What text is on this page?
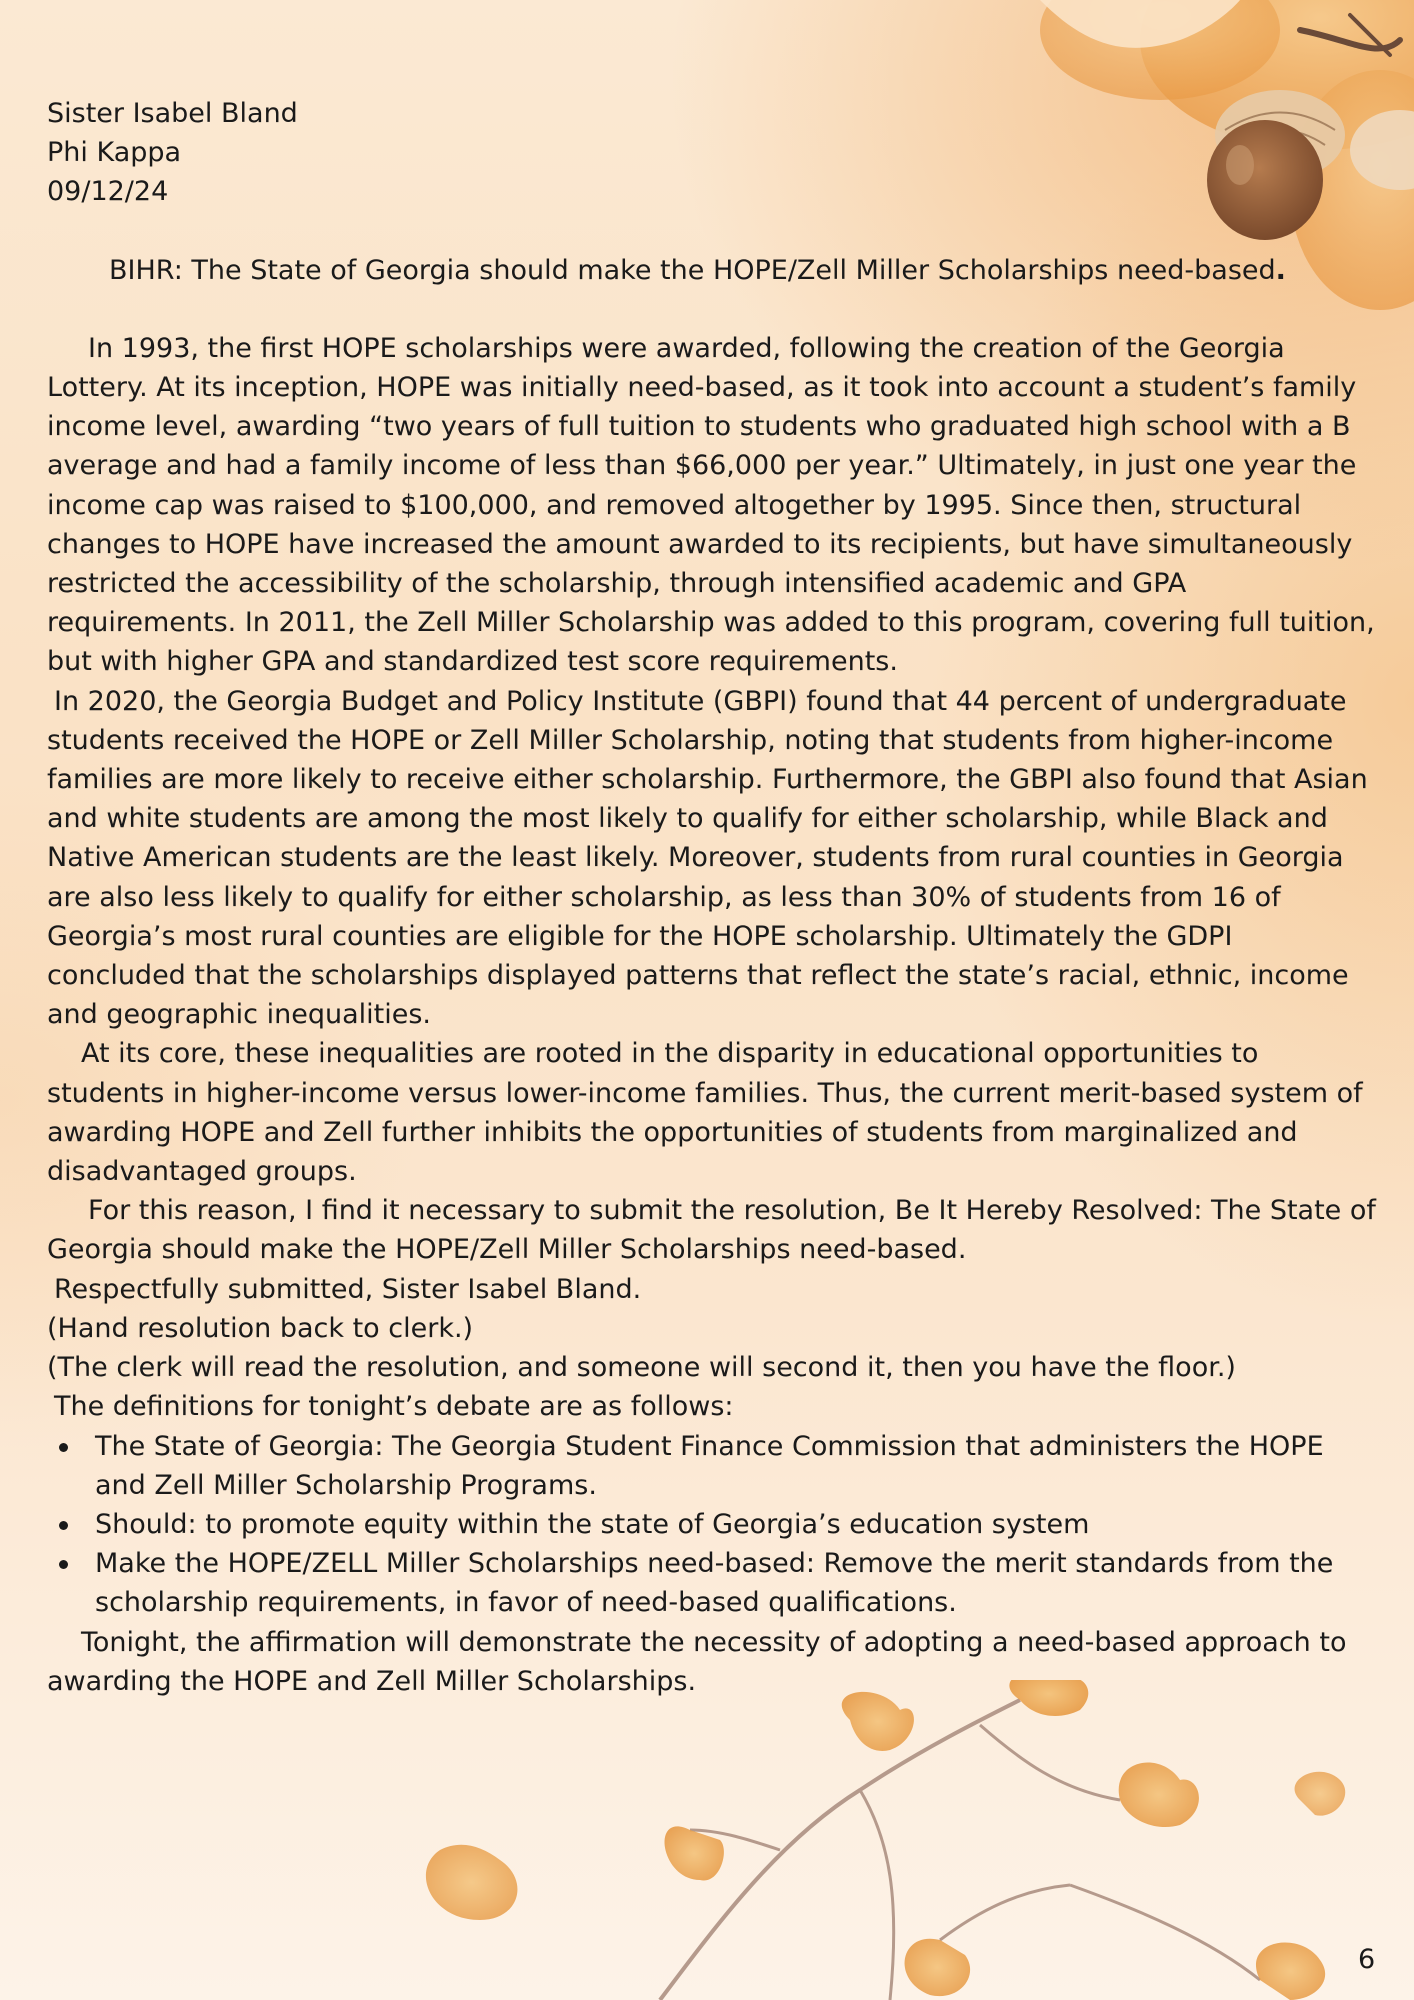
Sister Isabel Bland
Phi Kappa
09/12/24
BIHR: The State of Georgia should make the HOPE/Zell Miller Scholarships need-based.

In 1993, the first HOPE scholarships were awarded, following the creation of the Georgia Lottery. At its inception, HOPE was initially need-based, as it took into account a student’s family income level, awarding “two years of full tuition to students who graduated high school with a B average and had a family income of less than $66,000 per year.” Ultimately, in just one year the income cap was raised to $100,000, and removed altogether by 1995. Since then, structural changes to HOPE have increased the amount awarded to its recipients, but have simultaneously restricted the accessibility of the scholarship, through intensified academic and GPA requirements. In 2011, the Zell Miller Scholarship was added to this program, covering full tuition, but with higher GPA and standardized test score requirements.

In 2020, the Georgia Budget and Policy Institute (GBPI) found that 44 percent of undergraduate students received the HOPE or Zell Miller Scholarship, noting that students from higher-income families are more likely to receive either scholarship. Furthermore, the GBPI also found that Asian and white students are among the most likely to qualify for either scholarship, while Black and Native American students are the least likely. Moreover, students from rural counties in Georgia are also less likely to qualify for either scholarship, as less than 30% of students from 16 of Georgia’s most rural counties are eligible for the HOPE scholarship. Ultimately the GDPI concluded that the scholarships displayed patterns that reflect the state’s racial, ethnic, income and geographic inequalities.

At its core, these inequalities are rooted in the disparity in educational opportunities to students in higher-income versus lower-income families. Thus, the current merit-based system of awarding HOPE and Zell further inhibits the opportunities of students from marginalized and disadvantaged groups.

For this reason, I find it necessary to submit the resolution, Be It Hereby Resolved: The State of Georgia should make the HOPE/Zell Miller Scholarships need-based.

Respectfully submitted, Sister Isabel Bland.

(Hand resolution back to clerk.)

(The clerk will read the resolution, and someone will second it, then you have the floor.)

The definitions for tonight’s debate are as follows:

The State of Georgia: The Georgia Student Finance Commission that administers the HOPE and Zell Miller Scholarship Programs.
Should: to promote equity within the state of Georgia’s education system
Make the HOPE/ZELL Miller Scholarships need-based: Remove the merit standards from the scholarship requirements, in favor of need-based qualifications.

Tonight, the affirmation will demonstrate the necessity of adopting a need-based approach to awarding the HOPE and Zell Miller Scholarships.

6
